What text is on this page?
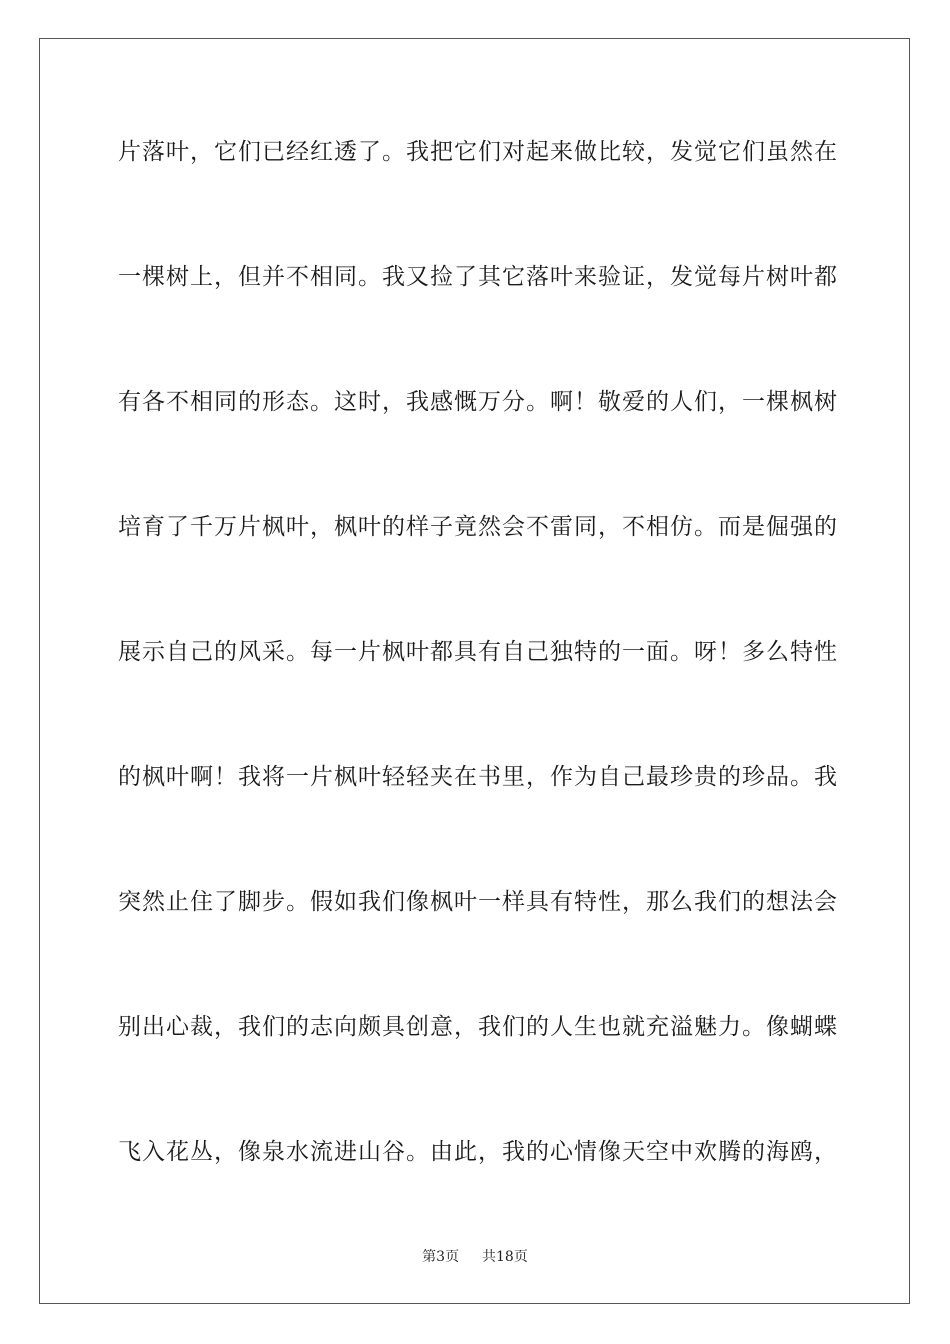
片落叶，它们已经红透了。我把它们对起来做比较，发觉它们虽然在
一棵树上，但并不相同。我又捡了其它落叶来验证，发觉每片树叶都
有各不相同的形态。这时，我感慨万分。啊！敬爱的人们，一棵枫树
培育了千万片枫叶，枫叶的样子竟然会不雷同，不相仿。而是倔强的
展示自己的风采。每一片枫叶都具有自己独特的一面。呀！多么特性
的枫叶啊！我将一片枫叶轻轻夹在书里，作为自己最珍贵的珍品。我
突然止住了脚步。假如我们像枫叶一样具有特性，那么我们的想法会
别出心裁，我们的志向颇具创意，我们的人生也就充溢魅力。像蝴蝶
飞入花丛，像泉水流进山谷。由此，我的心情像天空中欢腾的海鸥，
第3页 共18页
